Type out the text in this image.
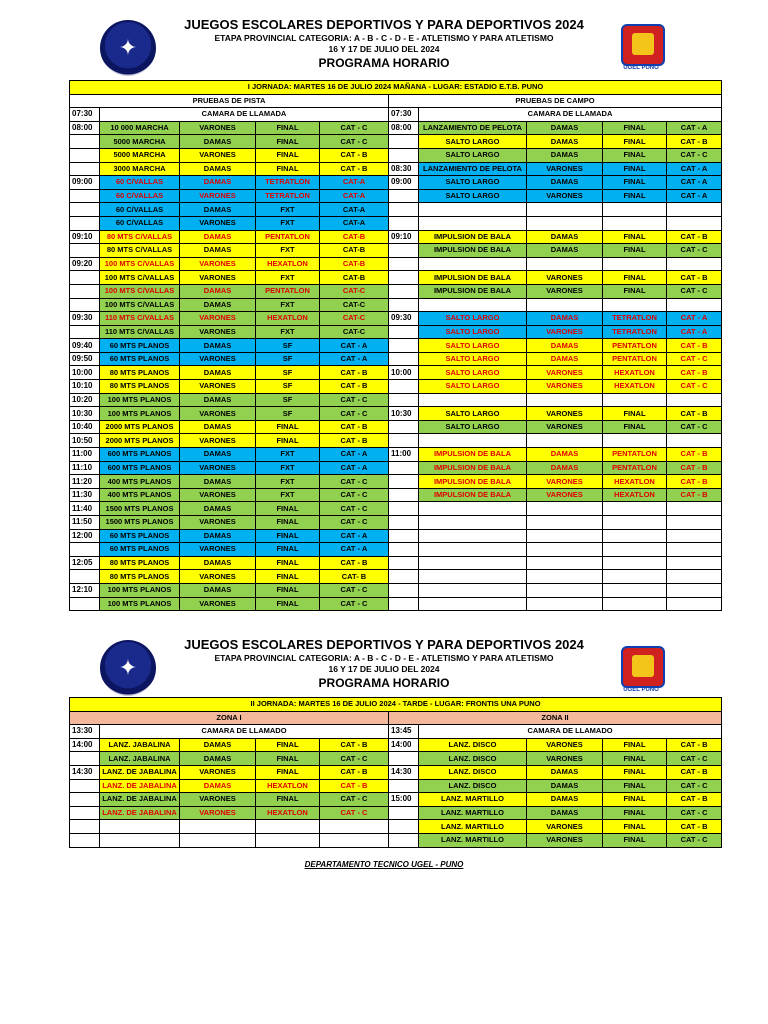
✦
UGEL PUNO
JUEGOS ESCOLARES DEPORTIVOS Y PARA DEPORTIVOS 2024
ETAPA PROVINCIAL CATEGORIA: A - B - C - D - E - ATLETISMO Y PARA ATLETISMO
16 Y 17 DE JULIO DEL 2024
PROGRAMA HORARIO
I JORNADA: MARTES 16 DE JULIO 2024 MAÑANA - LUGAR: ESTADIO E.T.B. PUNO									
PRUEBAS DE PISTA					PRUEBAS DE CAMPO				
07:30	CAMARA DE LLAMADA				07:30	CAMARA DE LLAMADA			
08:00	10 000 MARCHA	VARONES	FINAL	CAT - C	08:00	LANZAMIENTO DE PELOTA	DAMAS	FINAL	CAT - A
	5000 MARCHA	DAMAS	FINAL	CAT - C		SALTO LARGO	DAMAS	FINAL	CAT - B
	5000 MARCHA	VARONES	FINAL	CAT - B		SALTO LARGO	DAMAS	FINAL	CAT - C
	3000 MARCHA	DAMAS	FINAL	CAT - B	08:30	LANZAMIENTO DE PELOTA	VARONES	FINAL	CAT - A
09:00	60 C/VALLAS	DAMAS	TETRATLON	CAT-A	09:00	SALTO LARGO	DAMAS	FINAL	CAT - A
	60 C/VALLAS	VARONES	TETRATLON	CAT-A		SALTO LARGO	VARONES	FINAL	CAT - A
	60 C/VALLAS	DAMAS	FXT	CAT-A					
	60 C/VALLAS	VARONES	FXT	CAT-A					
09:10	80 MTS C/VALLAS	DAMAS	PENTATLON	CAT-B	09:10	IMPULSION DE BALA	DAMAS	FINAL	CAT - B
	80 MTS C/VALLAS	DAMAS	FXT	CAT-B		IMPULSION DE BALA	DAMAS	FINAL	CAT - C
09:20	100 MTS C/VALLAS	VARONES	HEXATLON	CAT-B					
	100 MTS C/VALLAS	VARONES	FXT	CAT-B		IMPULSION DE BALA	VARONES	FINAL	CAT - B
	100 MTS C/VALLAS	DAMAS	PENTATLON	CAT-C		IMPULSION DE BALA	VARONES	FINAL	CAT - C
	100 MTS C/VALLAS	DAMAS	FXT	CAT-C					
09:30	110 MTS C/VALLAS	VARONES	HEXATLON	CAT-C	09:30	SALTO LARGO	DAMAS	TETRATLON	CAT - A
	110 MTS C/VALLAS	VARONES	FXT	CAT-C		SALTO LARGO	VARONES	TETRATLON	CAT - A
09:40	60 MTS PLANOS	DAMAS	SF	CAT - A		SALTO LARGO	DAMAS	PENTATLON	CAT - B
09:50	60 MTS PLANOS	VARONES	SF	CAT - A		SALTO LARGO	DAMAS	PENTATLON	CAT - C
10:00	80 MTS PLANOS	DAMAS	SF	CAT - B	10:00	SALTO LARGO	VARONES	HEXATLON	CAT - B
10:10	80 MTS PLANOS	VARONES	SF	CAT - B		SALTO LARGO	VARONES	HEXATLON	CAT - C
10:20	100 MTS PLANOS	DAMAS	SF	CAT - C					
10:30	100 MTS PLANOS	VARONES	SF	CAT - C	10:30	SALTO LARGO	VARONES	FINAL	CAT - B
10:40	2000 MTS PLANOS	DAMAS	FINAL	CAT - B		SALTO LARGO	VARONES	FINAL	CAT - C
10:50	2000 MTS PLANOS	VARONES	FINAL	CAT - B					
11:00	600 MTS PLANOS	DAMAS	FXT	CAT - A	11:00	IMPULSION DE BALA	DAMAS	PENTATLON	CAT - B
11:10	600 MTS PLANOS	VARONES	FXT	CAT - A		IMPULSION DE BALA	DAMAS	PENTATLON	CAT - B
11:20	400 MTS PLANOS	DAMAS	FXT	CAT - C		IMPULSION DE BALA	VARONES	HEXATLON	CAT - B
11:30	400 MTS PLANOS	VARONES	FXT	CAT - C		IMPULSION DE BALA	VARONES	HEXATLON	CAT - B
11:40	1500 MTS PLANOS	DAMAS	FINAL	CAT - C					
11:50	1500 MTS PLANOS	VARONES	FINAL	CAT - C					
12:00	60 MTS PLANOS	DAMAS	FINAL	CAT - A					
	60 MTS PLANOS	VARONES	FINAL	CAT - A					
12:05	80 MTS PLANOS	DAMAS	FINAL	CAT - B					
	80 MTS PLANOS	VARONES	FINAL	CAT- B					
12:10	100 MTS PLANOS	DAMAS	FINAL	CAT - C					
	100 MTS PLANOS	VARONES	FINAL	CAT - C					
✦
UGEL PUNO
JUEGOS ESCOLARES DEPORTIVOS Y PARA DEPORTIVOS 2024
ETAPA PROVINCIAL CATEGORIA: A - B - C - D - E - ATLETISMO Y PARA ATLETISMO
16 Y 17 DE JULIO DEL 2024
PROGRAMA HORARIO
II JORNADA: MARTES 16 DE JULIO 2024 - TARDE - LUGAR: FRONTIS UNA PUNO									
ZONA I					ZONA II				
13:30	CAMARA DE LLAMADO				13:45	CAMARA DE LLAMADO			
14:00	LANZ. JABALINA	DAMAS	FINAL	CAT - B	14:00	LANZ. DISCO	VARONES	FINAL	CAT - B
	LANZ. JABALINA	DAMAS	FINAL	CAT - C		LANZ. DISCO	VARONES	FINAL	CAT - C
14:30	LANZ. DE JABALINA	VARONES	FINAL	CAT - B	14:30	LANZ. DISCO	DAMAS	FINAL	CAT - B
	LANZ. DE JABALINA	DAMAS	HEXATLON	CAT - B		LANZ. DISCO	DAMAS	FINAL	CAT - C
	LANZ. DE JABALINA	VARONES	FINAL	CAT - C	15:00	LANZ. MARTILLO	DAMAS	FINAL	CAT - B
	LANZ. DE JABALINA	VARONES	HEXATLON	CAT - C		LANZ. MARTILLO	DAMAS	FINAL	CAT - C
						LANZ. MARTILLO	VARONES	FINAL	CAT - B
						LANZ. MARTILLO	VARONES	FINAL	CAT - C
DEPARTAMENTO TECNICO UGEL - PUNO
